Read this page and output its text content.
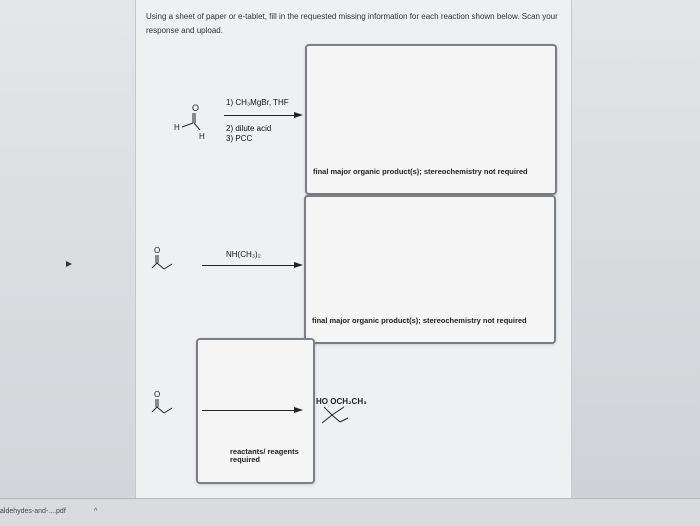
Using a sheet of paper or e-tablet, fill in the requested missing information for each reaction shown below. Scan your response and upload.
O
H
H
1) CH₃MgBr, THF
2) dilute acid
3) PCC
final major organic product(s); stereochemistry not required
O	NH(CH₃)₂
final major organic product(s); stereochemistry not required
O
reactants/ reagents required
HO OCH₂CH₃
aldehydes-and-....pdf	^
